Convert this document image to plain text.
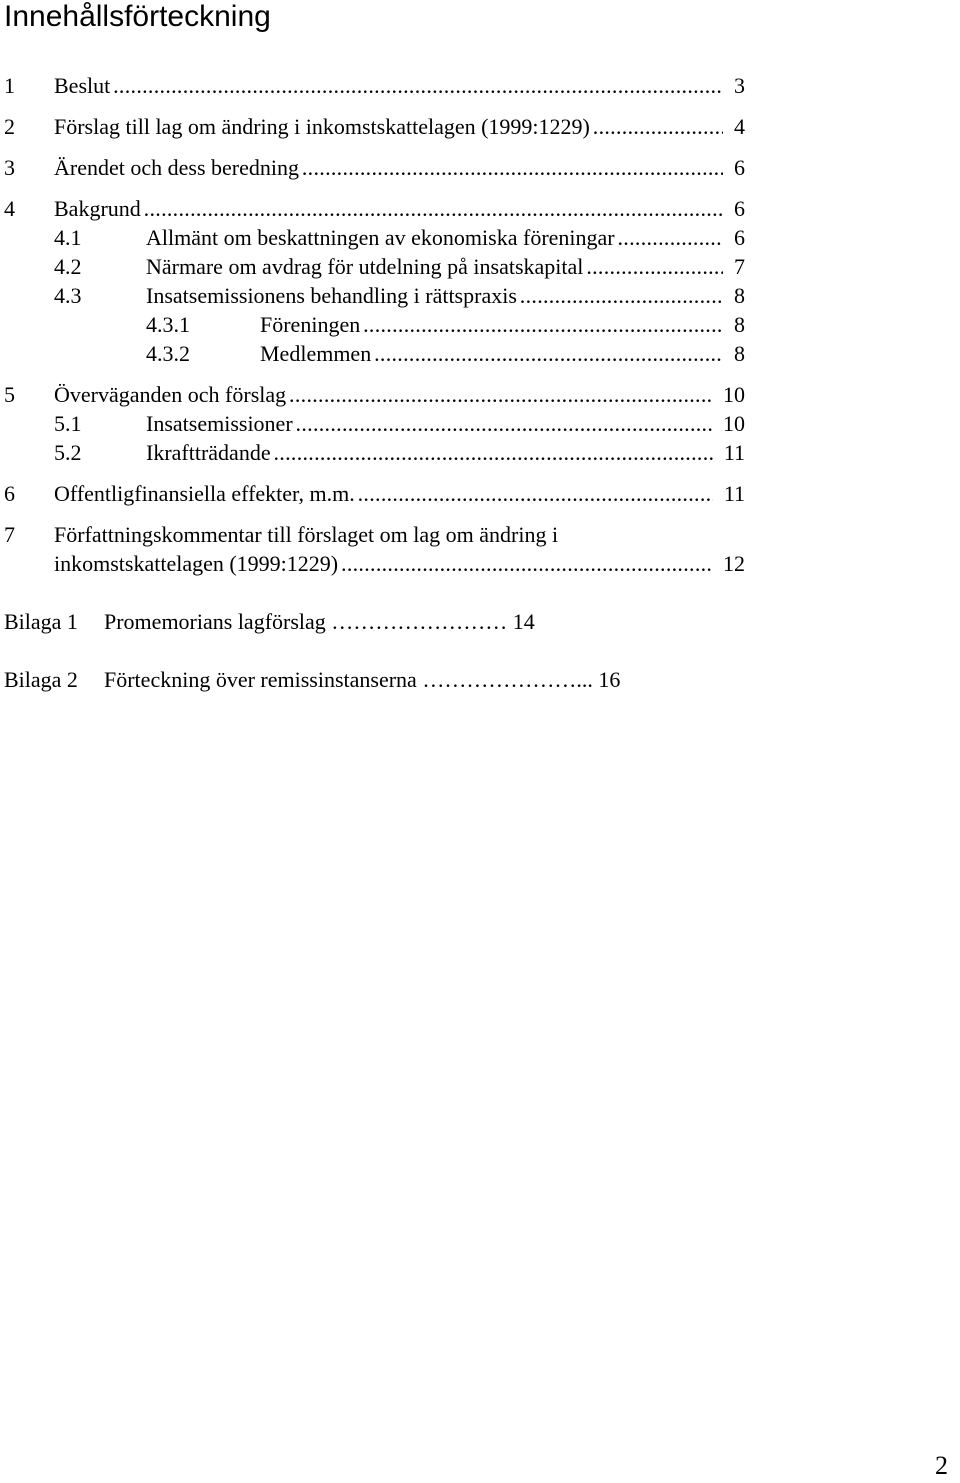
Innehållsförteckning
1 Beslut . . .	3
2 Förslag till lag om ändring i inkomstskattelagen (1999:1229) . . .	4
3 Ärendet och dess beredning . . .	6
4 Bakgrund . . .	6
4.1	Allmänt om beskattningen av ekonomiska föreningar . . .	6
4.2	Närmare om avdrag för utdelning på insatskapital . . .	7
4.3	Insatsemissionens behandling i rättspraxis . . .	8
4.3.1	Föreningen . . .	8
4.3.2	Medlemmen . . .	8
5 Överväganden och förslag . . .	10
5.1	Insatsemissioner . . .	10
5.2	Ikraftträdande . . .	11
6 Offentligfinansiella effekter, m.m. . . .	11
7 Författningskommentar till förslaget om lag om ändring i
inkomstskattelagen (1999:1229) . . .	12
Bilaga 1 Promemorians lagförslag …………………… 14
Bilaga 2 Förteckning över remissinstanserna …………………... 16
2
